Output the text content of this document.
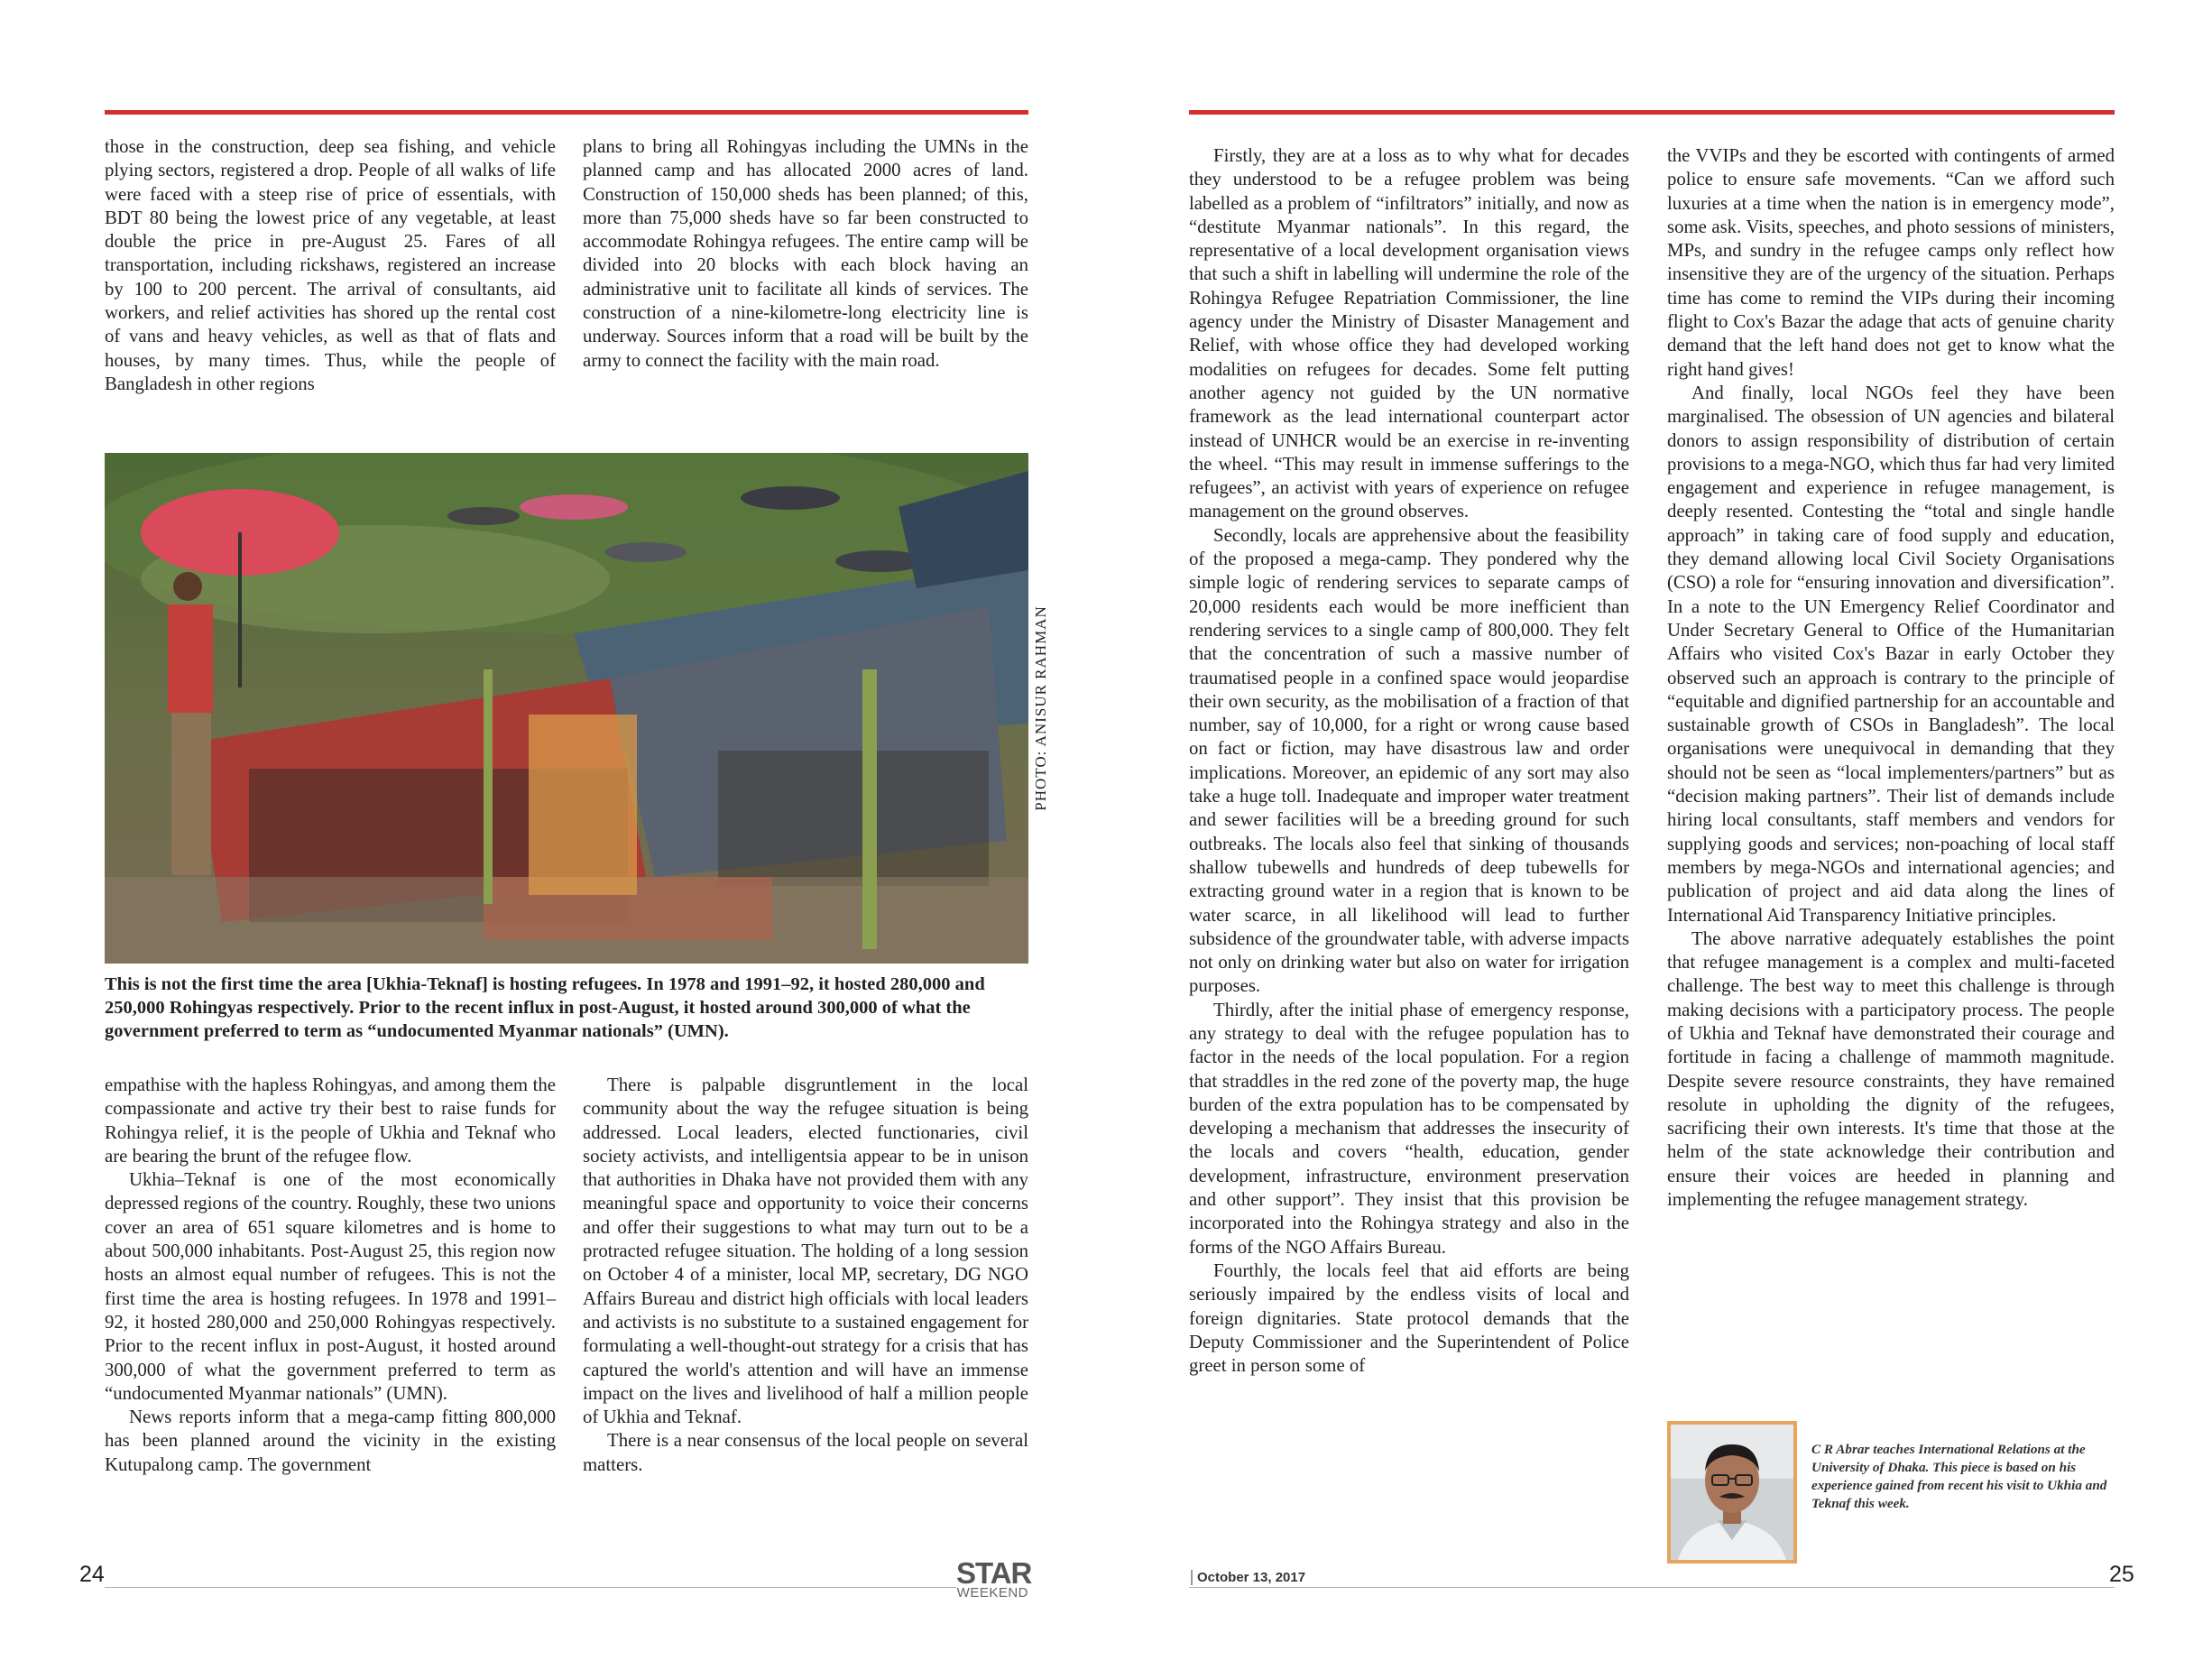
those in the construction, deep sea fishing, and vehicle plying sectors, registered a drop. People of all walks of life were faced with a steep rise of price of essentials, with BDT 80 being the lowest price of any vegetable, at least double the price in pre-August 25. Fares of all transportation, including rickshaws, registered an increase by 100 to 200 percent. The arrival of consultants, aid workers, and relief activities has shored up the rental cost of vans and heavy vehicles, as well as that of flats and houses, by many times. Thus, while the people of Bangladesh in other regions

plans to bring all Rohingyas including the UMNs in the planned camp and has allocated 2000 acres of land. Construction of 150,000 sheds has been planned; of this, more than 75,000 sheds have so far been constructed to accommodate Rohingya refugees. The entire camp will be divided into 20 blocks with each block having an administrative unit to facilitate all kinds of services. The construction of a nine-kilometre-long electricity line is underway. Sources inform that a road will be built by the army to connect the facility with the main road.

PHOTO: ANISUR RAHMAN
This is not the first time the area [Ukhia-Teknaf] is hosting refugees. In 1978 and 1991–92, it hosted 280,000 and 250,000 Rohingyas respectively. Prior to the recent influx in post-August, it hosted around 300,000 of what the government preferred to term as “undocumented Myanmar nationals” (UMN).

empathise with the hapless Rohingyas, and among them the compassionate and active try their best to raise funds for Rohingya relief, it is the people of Ukhia and Teknaf who are bearing the brunt of the refugee flow.

Ukhia–Teknaf is one of the most economically depressed regions of the country. Roughly, these two unions cover an area of 651 square kilometres and is home to about 500,000 inhabitants. Post-August 25, this region now hosts an almost equal number of refugees. This is not the first time the area is hosting refugees. In 1978 and 1991–92, it hosted 280,000 and 250,000 Rohingyas respectively. Prior to the recent influx in post-August, it hosted around 300,000 of what the government preferred to term as “undocumented Myanmar nationals” (UMN).

News reports inform that a mega-camp fitting 800,000 has been planned around the vicinity in the existing Kutupalong camp. The government

There is palpable disgruntlement in the local community about the way the refugee situation is being addressed. Local leaders, elected functionaries, civil society activists, and intelligentsia appear to be in unison that authorities in Dhaka have not provided them with any meaningful space and opportunity to voice their concerns and offer their suggestions to what may turn out to be a protracted refugee situation. The holding of a long session on October 4 of a minister, local MP, secretary, DG NGO Affairs Bureau and district high officials with local leaders and activists is no substitute to a sustained engagement for formulating a well-thought-out strategy for a crisis that has captured the world's attention and will have an immense impact on the lives and livelihood of half a million people of Ukhia and Teknaf.

There is a near consensus of the local people on several matters.

24	STAR
WEEKEND

Firstly, they are at a loss as to why what for decades they understood to be a refugee problem was being labelled as a problem of “infiltrators” initially, and now as “destitute Myanmar nationals”. In this regard, the representative of a local development organisation views that such a shift in labelling will undermine the role of the Rohingya Refugee Repatriation Commissioner, the line agency under the Ministry of Disaster Management and Relief, with whose office they had developed working modalities on refugees for decades. Some felt putting another agency not guided by the UN normative framework as the lead international counterpart actor instead of UNHCR would be an exercise in re-inventing the wheel. “This may result in immense sufferings to the refugees”, an activist with years of experience on refugee management on the ground observes.

Secondly, locals are apprehensive about the feasibility of the proposed a mega-camp. They pondered why the simple logic of rendering services to separate camps of 20,000 residents each would be more inefficient than rendering services to a single camp of 800,000. They felt that the concentration of such a massive number of traumatised people in a confined space would jeopardise their own security, as the mobilisation of a fraction of that number, say of 10,000, for a right or wrong cause based on fact or fiction, may have disastrous law and order implications. Moreover, an epidemic of any sort may also take a huge toll. Inadequate and improper water treatment and sewer facilities will be a breeding ground for such outbreaks. The locals also feel that sinking of thousands shallow tubewells and hundreds of deep tubewells for extracting ground water in a region that is known to be water scarce, in all likelihood will lead to further subsidence of the groundwater table, with adverse impacts not only on drinking water but also on water for irrigation purposes.

Thirdly, after the initial phase of emergency response, any strategy to deal with the refugee population has to factor in the needs of the local population. For a region that straddles in the red zone of the poverty map, the huge burden of the extra population has to be compensated by developing a mechanism that addresses the insecurity of the locals and covers “health, education, gender development, infrastructure, environment preservation and other support”. They insist that this provision be incorporated into the Rohingya strategy and also in the forms of the NGO Affairs Bureau.

Fourthly, the locals feel that aid efforts are being seriously impaired by the endless visits of local and foreign dignitaries. State protocol demands that the Deputy Commissioner and the Superintendent of Police greet in person some of

the VVIPs and they be escorted with contingents of armed police to ensure safe movements. “Can we afford such luxuries at a time when the nation is in emergency mode”, some ask. Visits, speeches, and photo sessions of ministers, MPs, and sundry in the refugee camps only reflect how insensitive they are of the urgency of the situation. Perhaps time has come to remind the VIPs during their incoming flight to Cox's Bazar the adage that acts of genuine charity demand that the left hand does not get to know what the right hand gives!

And finally, local NGOs feel they have been marginalised. The obsession of UN agencies and bilateral donors to assign responsibility of distribution of certain provisions to a mega-NGO, which thus far had very limited engagement and experience in refugee management, is deeply resented. Contesting the “total and single handle approach” in taking care of food supply and education, they demand allowing local Civil Society Organisations (CSO) a role for “ensuring innovation and diversification”. In a note to the UN Emergency Relief Coordinator and Under Secretary General to Office of the Humanitarian Affairs who visited Cox's Bazar in early October they observed such an approach is contrary to the principle of “equitable and dignified partnership for an accountable and sustainable growth of CSOs in Bangladesh”. The local organisations were unequivocal in demanding that they should not be seen as “local implementers/partners” but as “decision making partners”. Their list of demands include hiring local consultants, staff members and vendors for supplying goods and services; non-poaching of local staff members by mega-NGOs and international agencies; and publication of project and aid data along the lines of International Aid Transparency Initiative principles.

The above narrative adequately establishes the point that refugee management is a complex and multi-faceted challenge. The best way to meet this challenge is through making decisions with a participatory process. The people of Ukhia and Teknaf have demonstrated their courage and fortitude in facing a challenge of mammoth magnitude. Despite severe resource constraints, they have remained resolute in upholding the dignity of the refugees, sacrificing their own interests. It's time that those at the helm of the state acknowledge their contribution and ensure their voices are heeded in planning and implementing the refugee management strategy.

C R Abrar teaches International Relations at the University of Dhaka. This piece is based on his experience gained from recent his visit to Ukhia and Teknaf this week.
October 13, 2017	25
